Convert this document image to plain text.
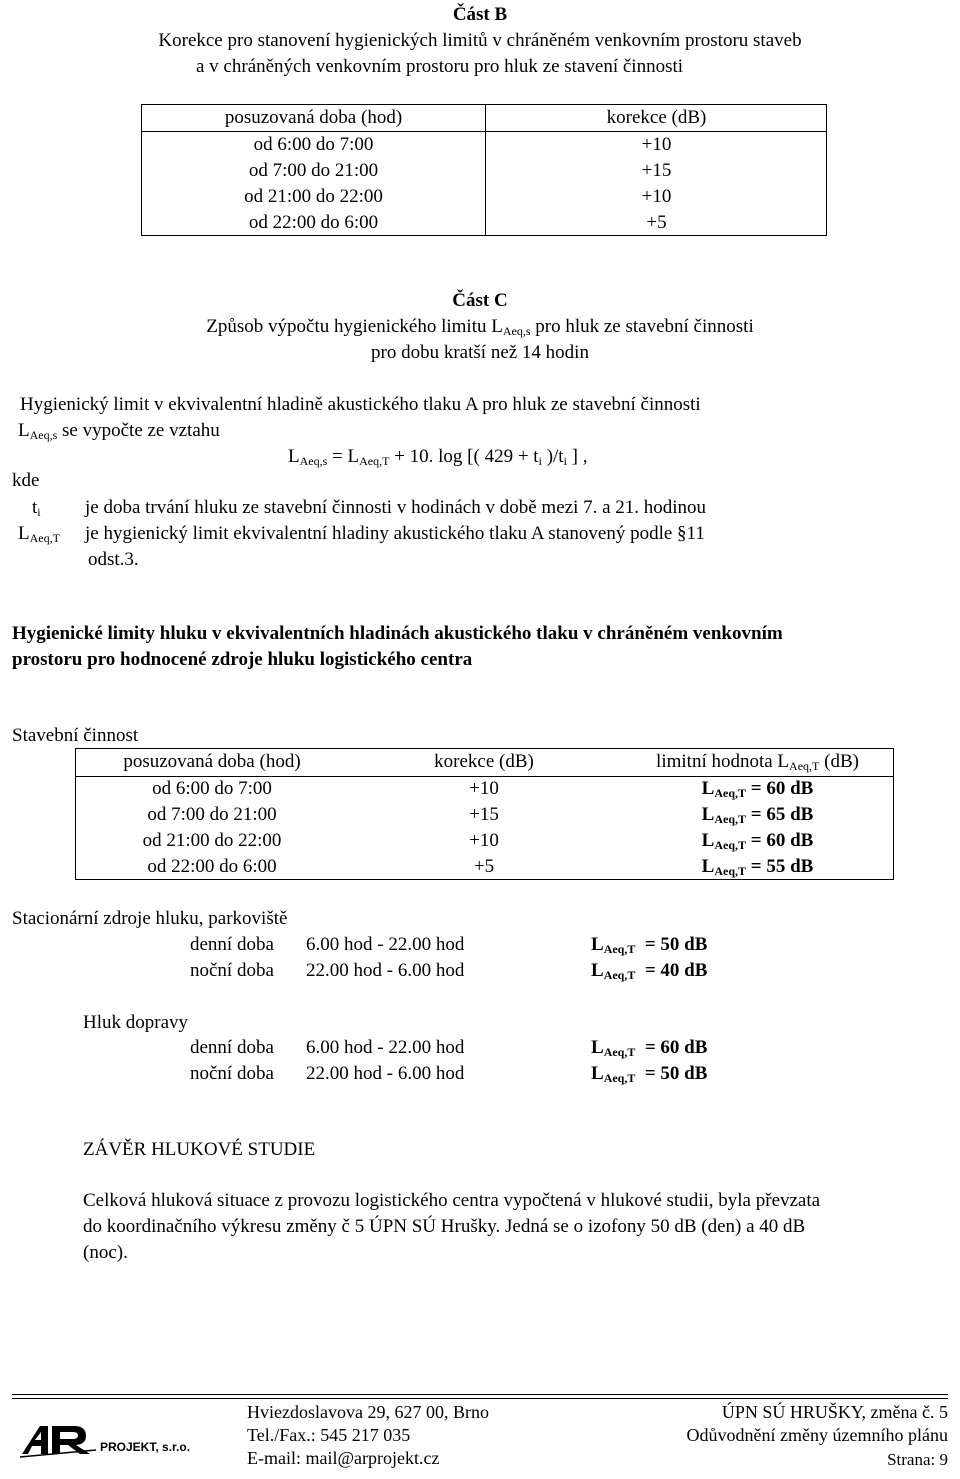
Část B
Korekce pro stanovení hygienických limitů v chráněném venkovním prostoru staveb
a v chráněných venkovním prostoru pro hluk ze stavení činnosti
posuzovaná doba (hod)	korekce (dB)
od 6:00 do 7:00	+10
od 7:00 do 21:00	+15
od 21:00 do 22:00	+10
od 22:00 do 6:00	+5
Část C
Způsob výpočtu hygienického limitu $L_{Aeq,s}$ pro hluk ze stavební činnosti
pro dobu kratší než 14 hodin
Hygienický limit v ekvivalentní hladině akustického tlaku A pro hluk ze stavební činnosti
$L_{Aeq,s}$ se vypočte ze vztahu
$L_{Aeq,s} = L_{Aeq,T} + 10$. log [( $429 + t_i$ )$/t_i$ ] ,
kde
$t_i$ je doba trvání hluku ze stavební činnosti v hodinách v době mezi 7. a 21. hodinou
$L_{Aeq,T}$ je hygienický limit ekvivalentní hladiny akustického tlaku A stanovený podle §11
odst.3.
Hygienické limity hluku v ekvivalentních hladinách akustického tlaku v chráněném venkovním
prostoru pro hodnocené zdroje hluku logistického centra
Stavební činnost
posuzovaná doba (hod)	korekce (dB)	limitní hodnota $L_{Aeq,T}$ (dB)
od 6:00 do 7:00	+10	$L_{Aeq,T} = 60$ dB
od 7:00 do 21:00	+15	$L_{Aeq,T} = 65$ dB
od 21:00 do 22:00	+10	$L_{Aeq,T} = 60$ dB
od 22:00 do 6:00	+5	$L_{Aeq,T} = 55$ dB
Stacionární zdroje hluku, parkoviště
denní doba 6.00 hod - 22.00 hod	$L_{Aeq,T} = 50$ dB
noční doba 22.00 hod - 6.00 hod	$L_{Aeq,T} = 40$ dB
Hluk dopravy
denní doba 6.00 hod - 22.00 hod	$L_{Aeq,T} = 60$ dB
noční doba 22.00 hod - 6.00 hod	$L_{Aeq,T} = 50$ dB
ZÁVĚR HLUKOVÉ STUDIE
Celková hluková situace z provozu logistického centra vypočtená v hlukové studii, byla převzata
do koordinačního výkresu změny č 5 ÚPN SÚ Hrušky. Jedná se o izofony 50 dB (den) a 40 dB
(noc).
PROJEKT, s.r.o.
Hviezdoslavova 29, 627 00, Brno
Tel./Fax.: 545 217 035
E-mail: mail@arprojekt.cz
ÚPN SÚ HRUŠKY, změna č. 5
Odůvodnění změny územního plánu
Strana: 9
